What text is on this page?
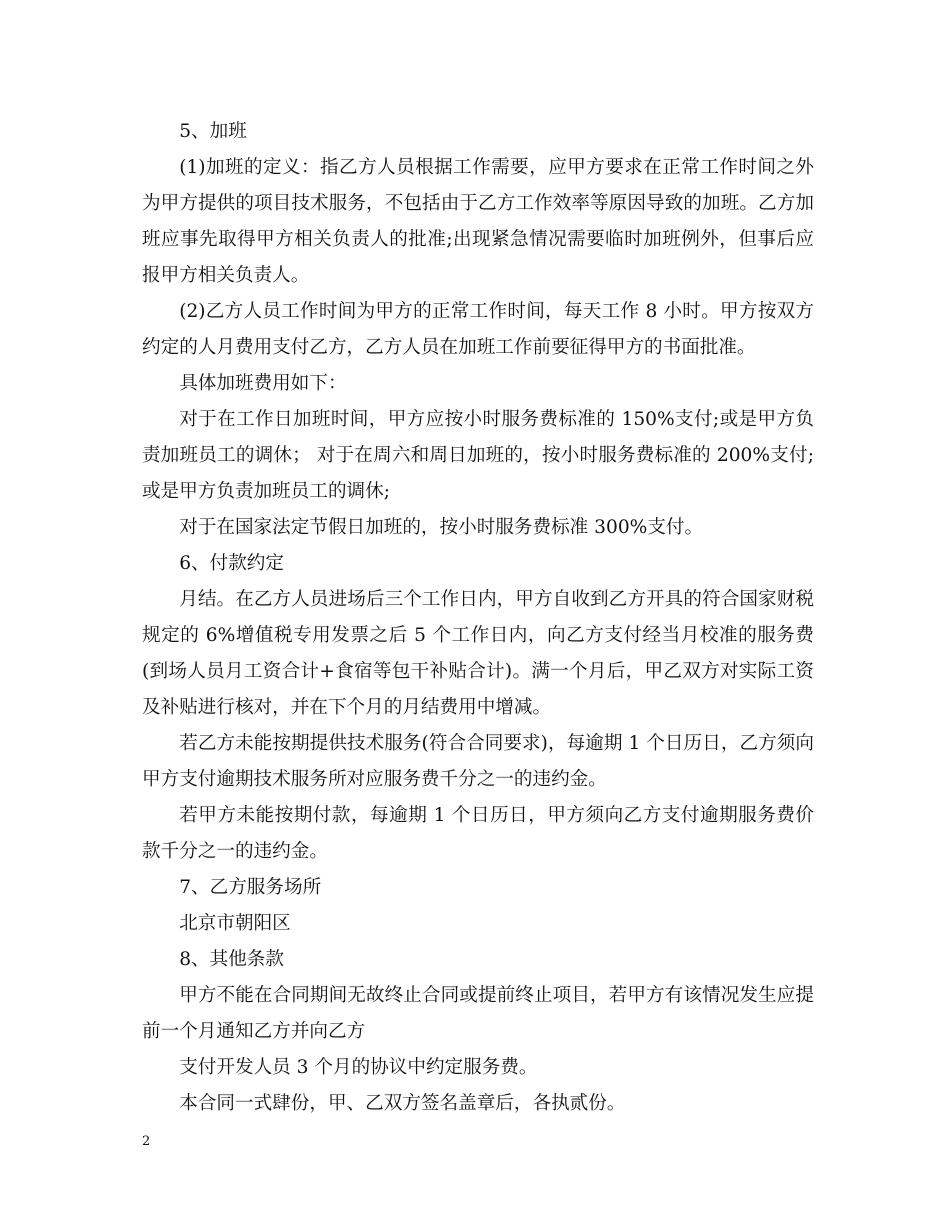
5、加班

(1)加班的定义：指乙方人员根据工作需要，应甲方要求在正常工作时间之外为甲方提供的项目技术服务，不包括由于乙方工作效率等原因导致的加班。乙方加班应事先取得甲方相关负责人的批准;出现紧急情况需要临时加班例外，但事后应报甲方相关负责人。

(2)乙方人员工作时间为甲方的正常工作时间，每天工作 8 小时。甲方按双方约定的人月费用支付乙方，乙方人员在加班工作前要征得甲方的书面批准。

具体加班费用如下：

对于在工作日加班时间，甲方应按小时服务费标准的 150%支付;或是甲方负责加班员工的调休； 对于在周六和周日加班的，按小时服务费标准的 200%支付;或是甲方负责加班员工的调休;

对于在国家法定节假日加班的，按小时服务费标准 300%支付。

6、付款约定

月结。在乙方人员进场后三个工作日内，甲方自收到乙方开具的符合国家财税规定的 6%增值税专用发票之后 5 个工作日内，向乙方支付经当月校准的服务费(到场人员月工资合计+食宿等包干补贴合计)。满一个月后，甲乙双方对实际工资及补贴进行核对，并在下个月的月结费用中增减。

若乙方未能按期提供技术服务(符合合同要求)，每逾期 1 个日历日，乙方须向甲方支付逾期技术服务所对应服务费千分之一的违约金。

若甲方未能按期付款，每逾期 1 个日历日，甲方须向乙方支付逾期服务费价款千分之一的违约金。

7、乙方服务场所

北京市朝阳区

8、其他条款

甲方不能在合同期间无故终止合同或提前终止项目，若甲方有该情况发生应提前一个月通知乙方并向乙方

支付开发人员 3 个月的协议中约定服务费。

本合同一式肆份，甲、乙双方签名盖章后，各执贰份。

2
